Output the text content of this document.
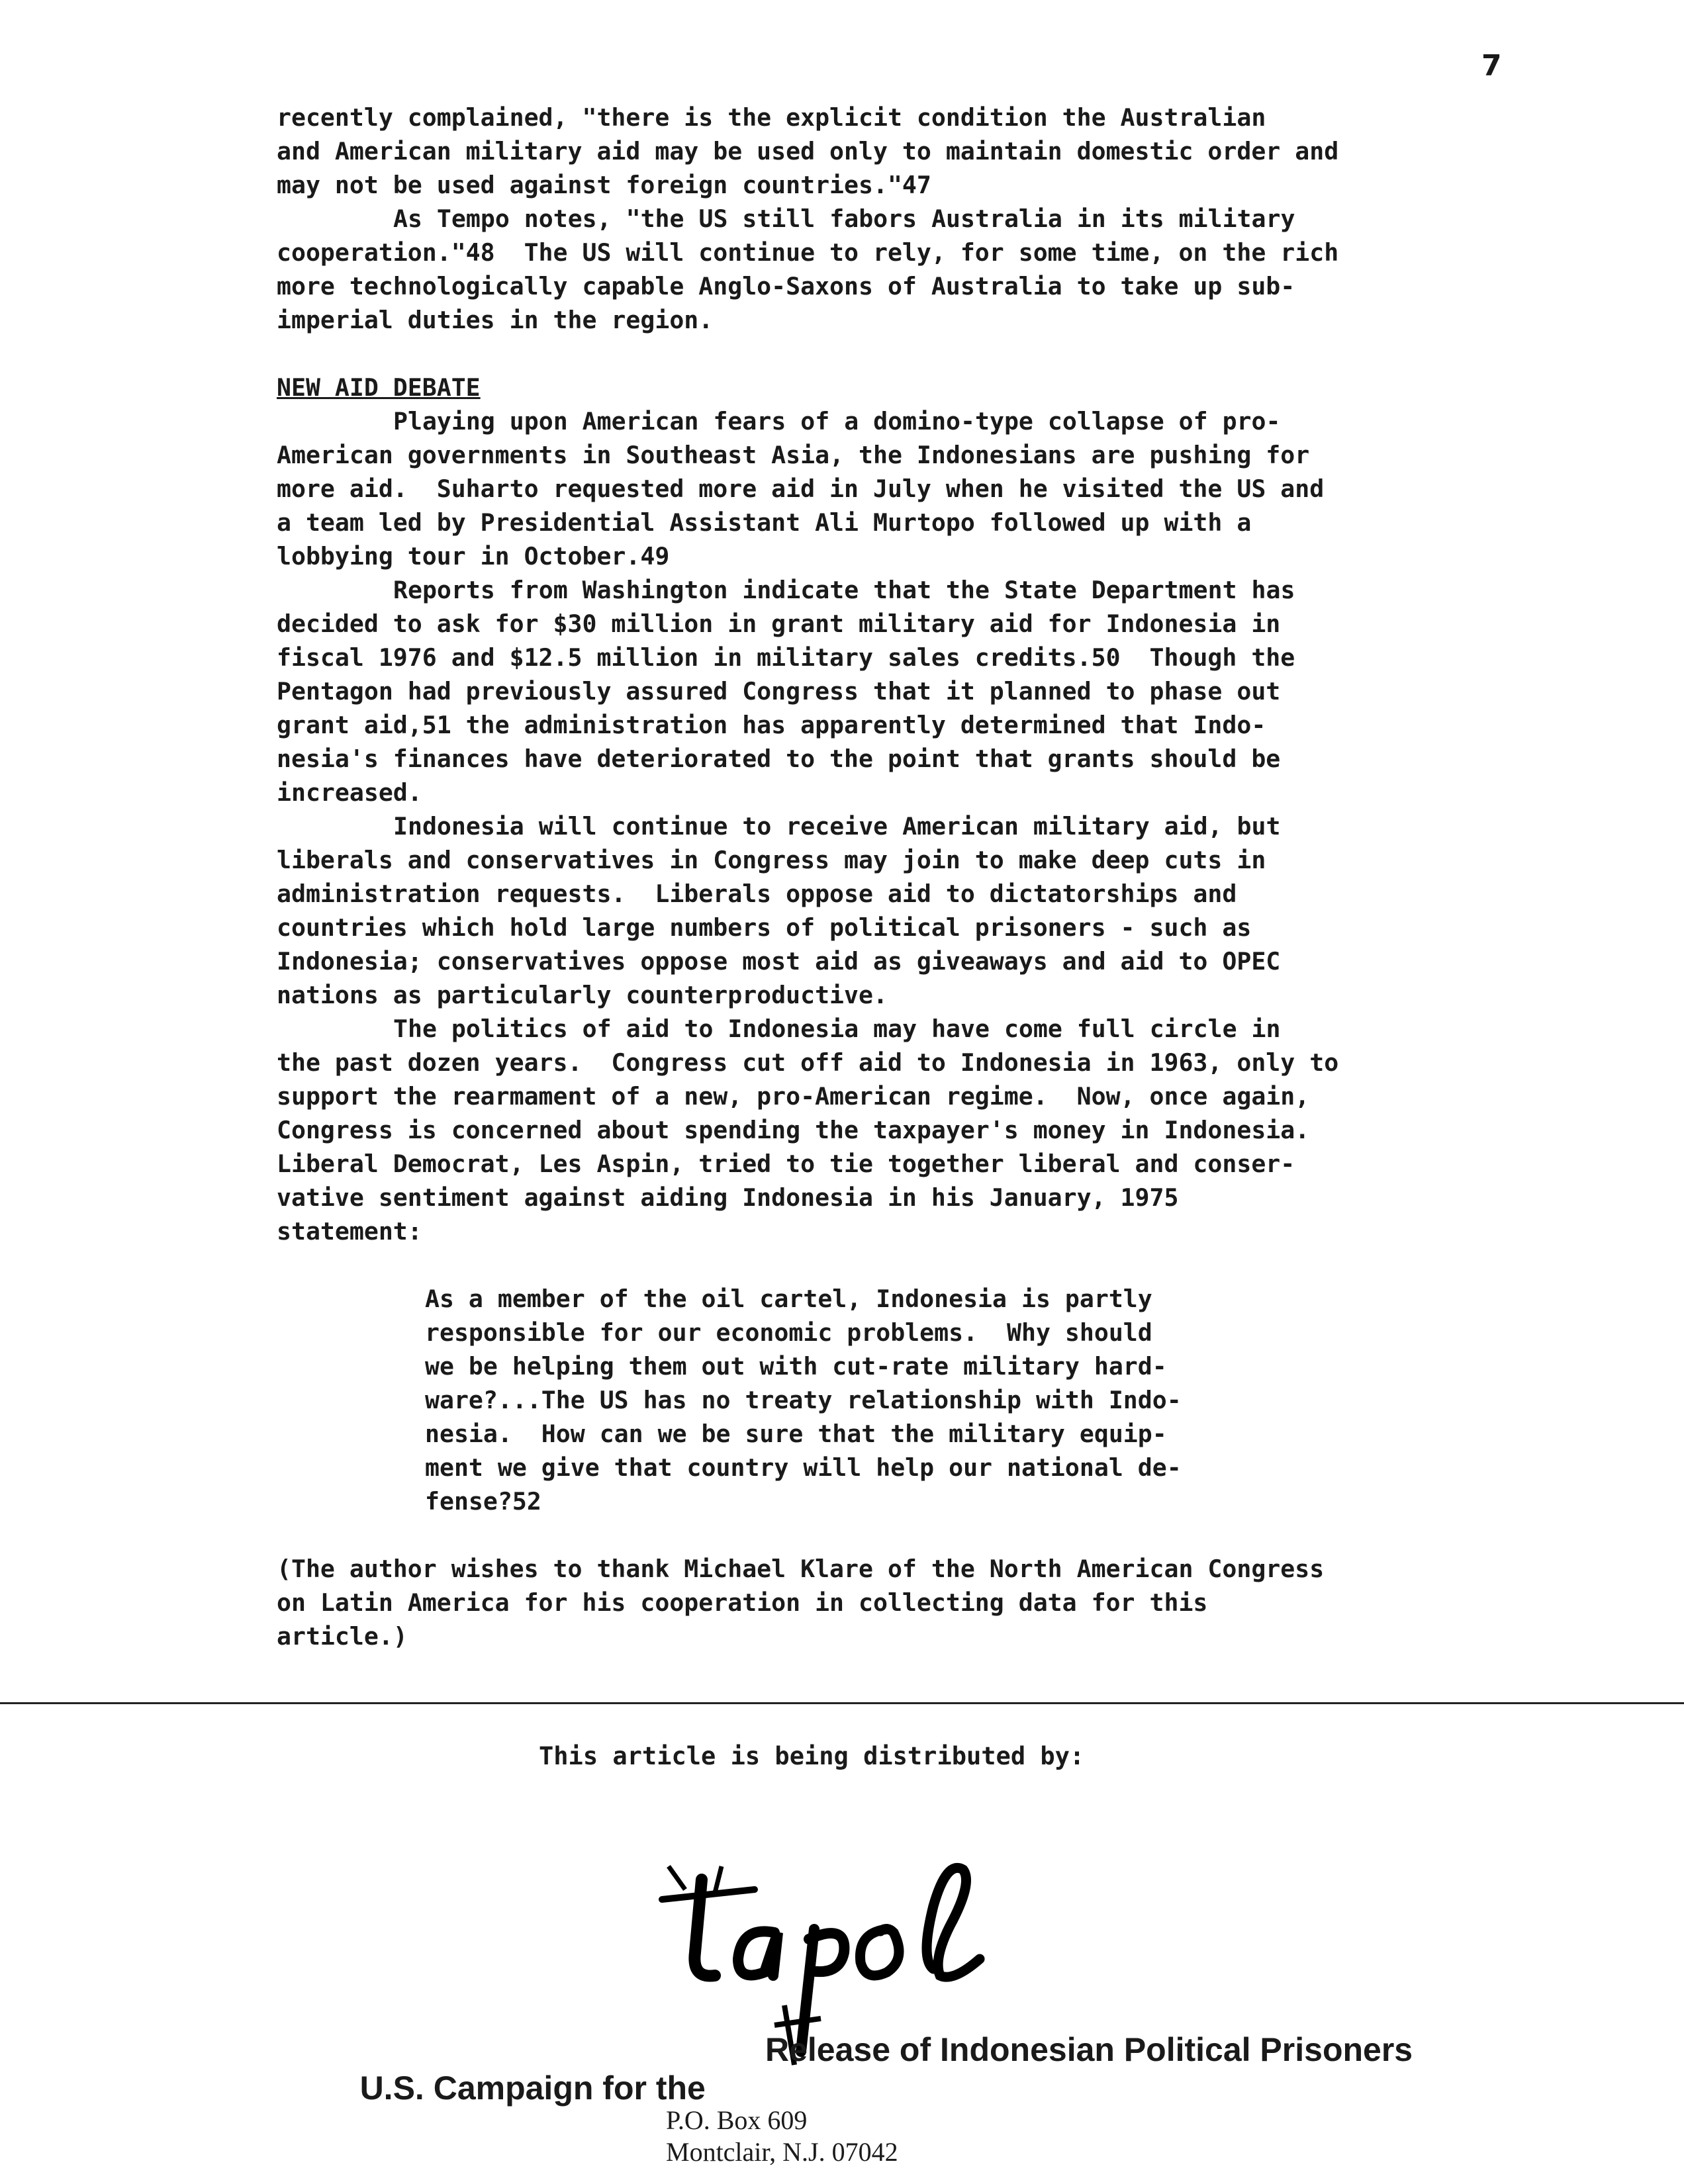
7
recently complained, "there is the explicit condition the Australian
and American military aid may be used only to maintain domestic order and
may not be used against foreign countries."47
As Tempo notes, "the US still fabors Australia in its military
cooperation."48  The US will continue to rely, for some time, on the rich
more technologically capable Anglo-Saxons of Australia to take up sub-
imperial duties in the region.
NEW AID DEBATE
Playing upon American fears of a domino-type collapse of pro-
American governments in Southeast Asia, the Indonesians are pushing for
more aid.  Suharto requested more aid in July when he visited the US and
a team led by Presidential Assistant Ali Murtopo followed up with a
lobbying tour in October.49
Reports from Washington indicate that the State Department has
decided to ask for $30 million in grant military aid for Indonesia in
fiscal 1976 and $12.5 million in military sales credits.50  Though the
Pentagon had previously assured Congress that it planned to phase out
grant aid,51 the administration has apparently determined that Indo-
nesia's finances have deteriorated to the point that grants should be
increased.
Indonesia will continue to receive American military aid, but
liberals and conservatives in Congress may join to make deep cuts in
administration requests.  Liberals oppose aid to dictatorships and
countries which hold large numbers of political prisoners - such as
Indonesia; conservatives oppose most aid as giveaways and aid to OPEC
nations as particularly counterproductive.
The politics of aid to Indonesia may have come full circle in
the past dozen years.  Congress cut off aid to Indonesia in 1963, only to
support the rearmament of a new, pro-American regime.  Now, once again,
Congress is concerned about spending the taxpayer's money in Indonesia.
Liberal Democrat, Les Aspin, tried to tie together liberal and conser-
vative sentiment against aiding Indonesia in his January, 1975
statement:
As a member of the oil cartel, Indonesia is partly
responsible for our economic problems.  Why should
we be helping them out with cut-rate military hard-
ware?...The US has no treaty relationship with Indo-
nesia.  How can we be sure that the military equip-
ment we give that country will help our national de-
fense?52
(The author wishes to thank Michael Klare of the North American Congress
on Latin America for his cooperation in collecting data for this
article.)
This article is being distributed by:

U.S. Campaign for the

Release of Indonesian Political Prisoners

P.O. Box 609
Montclair, N.J. 07042
